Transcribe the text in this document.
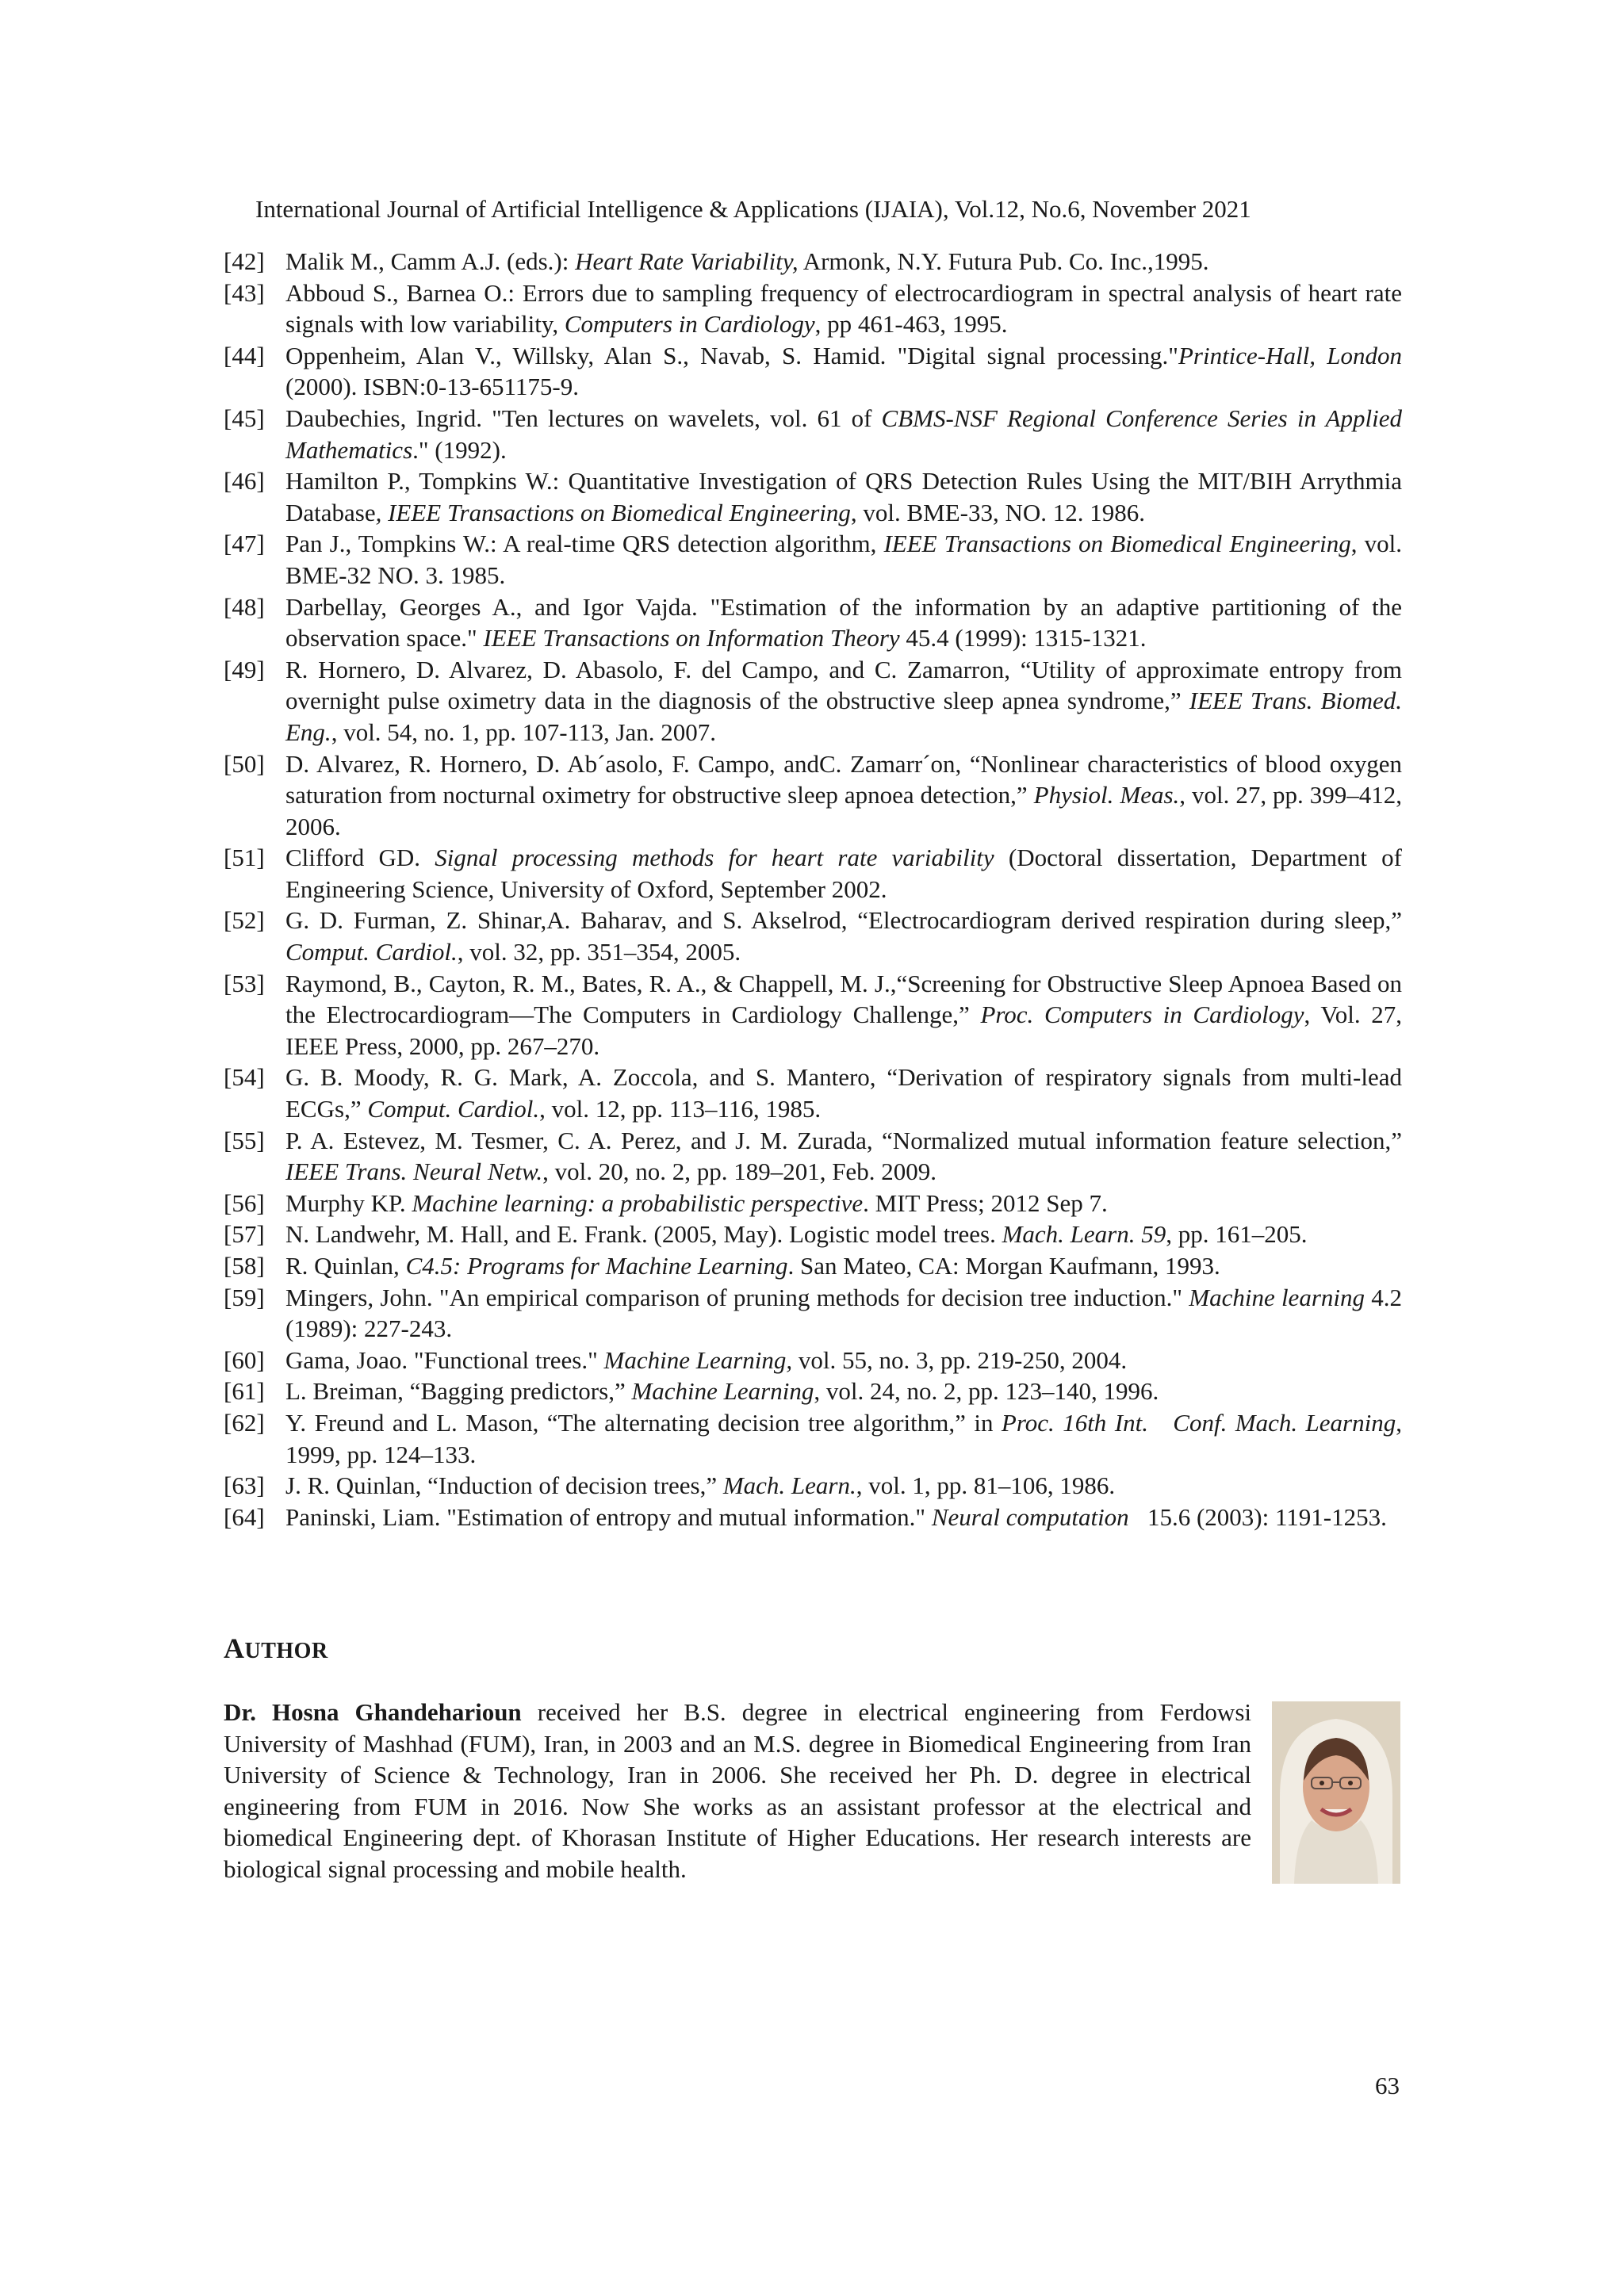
International Journal of Artificial Intelligence & Applications (IJAIA), Vol.12, No.6, November 2021
[42] Malik M., Camm A.J. (eds.): Heart Rate Variability, Armonk, N.Y. Futura Pub. Co. Inc.,1995.
[43] Abboud S., Barnea O.: Errors due to sampling frequency of electrocardiogram in spectral analysis of heart rate signals with low variability, Computers in Cardiology, pp 461-463, 1995.
[44] Oppenheim, Alan V., Willsky, Alan S., Navab, S. Hamid. "Digital signal processing."Printice-Hall, London (2000). ISBN:0-13-651175-9.
[45] Daubechies, Ingrid. "Ten lectures on wavelets, vol. 61 of CBMS-NSF Regional Conference Series in Applied Mathematics." (1992).
[46] Hamilton P., Tompkins W.: Quantitative Investigation of QRS Detection Rules Using the MIT/BIH Arrythmia Database, IEEE Transactions on Biomedical Engineering, vol. BME-33, NO. 12. 1986.
[47] Pan J., Tompkins W.: A real-time QRS detection algorithm, IEEE Transactions on Biomedical Engineering, vol. BME-32 NO. 3. 1985.
[48] Darbellay, Georges A., and Igor Vajda. "Estimation of the information by an adaptive partitioning of the observation space." IEEE Transactions on Information Theory 45.4 (1999): 1315-1321.
[49] R. Hornero, D. Alvarez, D. Abasolo, F. del Campo, and C. Zamarron, “Utility of approximate entropy from overnight pulse oximetry data in the diagnosis of the obstructive sleep apnea syndrome,” IEEE Trans. Biomed. Eng., vol. 54, no. 1, pp. 107-113, Jan. 2007.
[50] D. Alvarez, R. Hornero, D. Ab´asolo, F. Campo, andC. Zamarr´on, “Nonlinear characteristics of blood oxygen saturation from nocturnal oximetry for obstructive sleep apnoea detection,” Physiol. Meas., vol. 27, pp. 399–412, 2006.
[51] Clifford GD. Signal processing methods for heart rate variability (Doctoral dissertation, Department of Engineering Science, University of Oxford, September 2002.
[52] G. D. Furman, Z. Shinar,A. Baharav, and S. Akselrod, “Electrocardiogram derived respiration during sleep,” Comput. Cardiol., vol. 32, pp. 351–354, 2005.
[53] Raymond, B., Cayton, R. M., Bates, R. A., & Chappell, M. J.,“Screening for Obstructive Sleep Apnoea Based on the Electrocardiogram—The Computers in Cardiology Challenge,” Proc. Computers in Cardiology, Vol. 27, IEEE Press, 2000, pp. 267–270.
[54] G. B. Moody, R. G. Mark, A. Zoccola, and S. Mantero, “Derivation of respiratory signals from multi-lead ECGs,” Comput. Cardiol., vol. 12, pp. 113–116, 1985.
[55] P. A. Estevez, M. Tesmer, C. A. Perez, and J. M. Zurada, “Normalized mutual information feature selection,” IEEE Trans. Neural Netw., vol. 20, no. 2, pp. 189–201, Feb. 2009.
[56] Murphy KP. Machine learning: a probabilistic perspective. MIT Press; 2012 Sep 7.
[57] N. Landwehr, M. Hall, and E. Frank. (2005, May). Logistic model trees. Mach. Learn. 59, pp. 161–205.
[58] R. Quinlan, C4.5: Programs for Machine Learning. San Mateo, CA: Morgan Kaufmann, 1993.
[59] Mingers, John. "An empirical comparison of pruning methods for decision tree induction." Machine learning 4.2 (1989): 227-243.
[60] Gama, Joao. "Functional trees." Machine Learning, vol. 55, no. 3, pp. 219-250, 2004.
[61] L. Breiman, “Bagging predictors,” Machine Learning, vol. 24, no. 2, pp. 123–140, 1996.
[62] Y. Freund and L. Mason, “The alternating decision tree algorithm,” in Proc. 16th Int.   Conf. Mach. Learning, 1999, pp. 124–133.
[63] J. R. Quinlan, “Induction of decision trees,” Mach. Learn., vol. 1, pp. 81–106, 1986.
[64] Paninski, Liam. "Estimation of entropy and mutual information." Neural computation   15.6 (2003): 1191-1253.
AUTHOR
Dr. Hosna Ghandeharioun received her B.S. degree in electrical engineering from Ferdowsi University of Mashhad (FUM), Iran, in 2003 and an M.S. degree in Biomedical Engineering from Iran University of Science & Technology, Iran in 2006. She received her Ph. D. degree in electrical engineering from FUM in 2016. Now She works as an assistant professor at the electrical and biomedical Engineering dept. of Khorasan Institute of Higher Educations. Her research interests are biological signal processing and mobile health.
63
